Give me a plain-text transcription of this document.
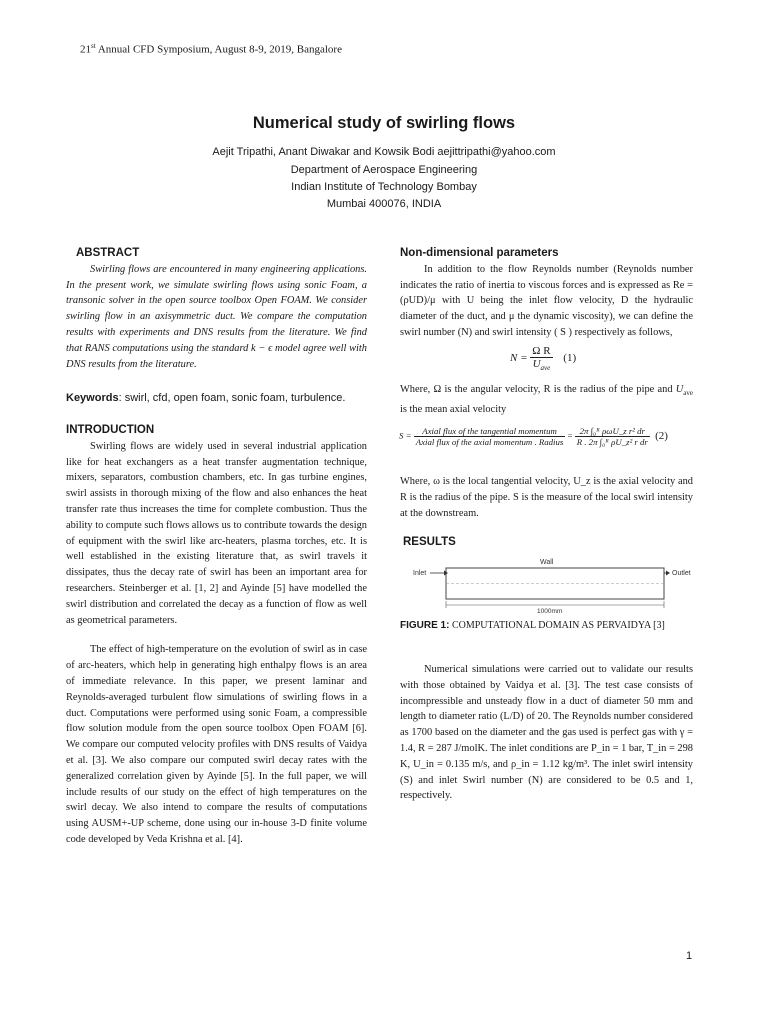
21st Annual CFD Symposium, August 8-9, 2019, Bangalore
Numerical study of swirling flows
Aejit Tripathi, Anant Diwakar and Kowsik Bodi aejittripathi@yahoo.com
Department of Aerospace Engineering
Indian Institute of Technology Bombay
Mumbai 400076, INDIA
ABSTRACT

Swirling flows are encountered in many engineering applications. In the present work, we simulate swirling flows using sonic Foam, a transonic solver in the open source toolbox Open FOAM. We consider swirling flow in an axisymmetric duct. We compare the computation results with experiments and DNS results from the literature. We find that RANS computations using the standard k − ϵ model agree well with DNS results from the literature.

Keywords: swirl, cfd, open foam, sonic foam, turbulence.
INTRODUCTION

Swirling flows are widely used in several industrial application like for heat exchangers as a heat transfer augmentation technique, mixers, separators, combustion chambers, etc. In gas turbine engines, swirl assists in thorough mixing of the flow and also enhances the heat transfer rate thus increases the time for complete combustion. Thus the ability to compute such flows allows us to contribute towards the design of equipment with the swirl like arc-heaters, plasma torches, etc. It is well established in the existing literature that, as swirl travels it dissipates, thus the decay rate of swirl has been an important area for researchers. Steinberger et al. [1, 2] and Ayinde [5] have modelled the swirl distribution and correlated the decay as a function of flow as well as geometrical parameters.

The effect of high-temperature on the evolution of swirl as in case of arc-heaters, which help in generating high enthalpy flows is an area of immediate relevance. In this paper, we present laminar and Reynolds-averaged turbulent flow simulations of swirling flows in a duct. Computations were performed using sonic Foam, a compressible flow solution module from the open source toolbox Open FOAM [6]. We compare our computed velocity profiles with DNS results of Vaidya et al. [3]. We also compare our computed swirl decay rates with the generalized correlation given by Ayinde [5]. In the full paper, we will include results of our study on the effect of high temperatures on the swirl decay. We also intend to compare the results of computations using AUSM+-UP scheme, done using our in-house 3-D finite volume code developed by Veda Krishna et al. [4].

Non-dimensional parameters

In addition to the flow Reynolds number (Reynolds number indicates the ratio of inertia to viscous forces and is expressed as Re = (ρUD)/μ with U being the inlet flow velocity, D the hydraulic diameter of the duct, and μ the dynamic viscosity), we can define the swirl number (N) and swirl intensity ( S ) respectively as follows,

$N = \frac{\text{Ω R}}{U_{ave}} (1)$
Where, Ω is the angular velocity, R is the radius of the pipe and $U_{ave}$ is the mean axial velocity
$S = \frac{\text{Axial flux of the tangential momentum}}{\text{Axial flux of the axial momentum . Radius}} = \frac{\text{2π ∫₀ᴿ ρωU\_z r² dr}}{\text{R . 2π ∫₀ᴿ ρU\_z² r dr}} (2)$
Where, ω is the local tangential velocity, U_z is the axial velocity and R is the radius of the pipe. S is the measure of the local swirl intensity at the downstream.
RESULTS
Wall
Inlet	Outlet
1000mm
FIGURE 1: COMPUTATIONAL DOMAIN AS PERVAIDYA [3]

Numerical simulations were carried out to validate our results with those obtained by Vaidya et al. [3]. The test case consists of incompressible and unsteady flow in a duct of diameter 50 mm and length to diameter ratio (L/D) of 20. The Reynolds number considered as 1700 based on the diameter and the gas used is perfect gas with γ = 1.4, R = 287 J/molK. The inlet conditions are P_in = 1 bar, T_in = 298 K, U_in = 0.135 m/s, and ρ_in = 1.12 kg/m³. The inlet swirl intensity (S) and inlet Swirl number (N) are considered to be 0.5 and 1, respectively.

1
